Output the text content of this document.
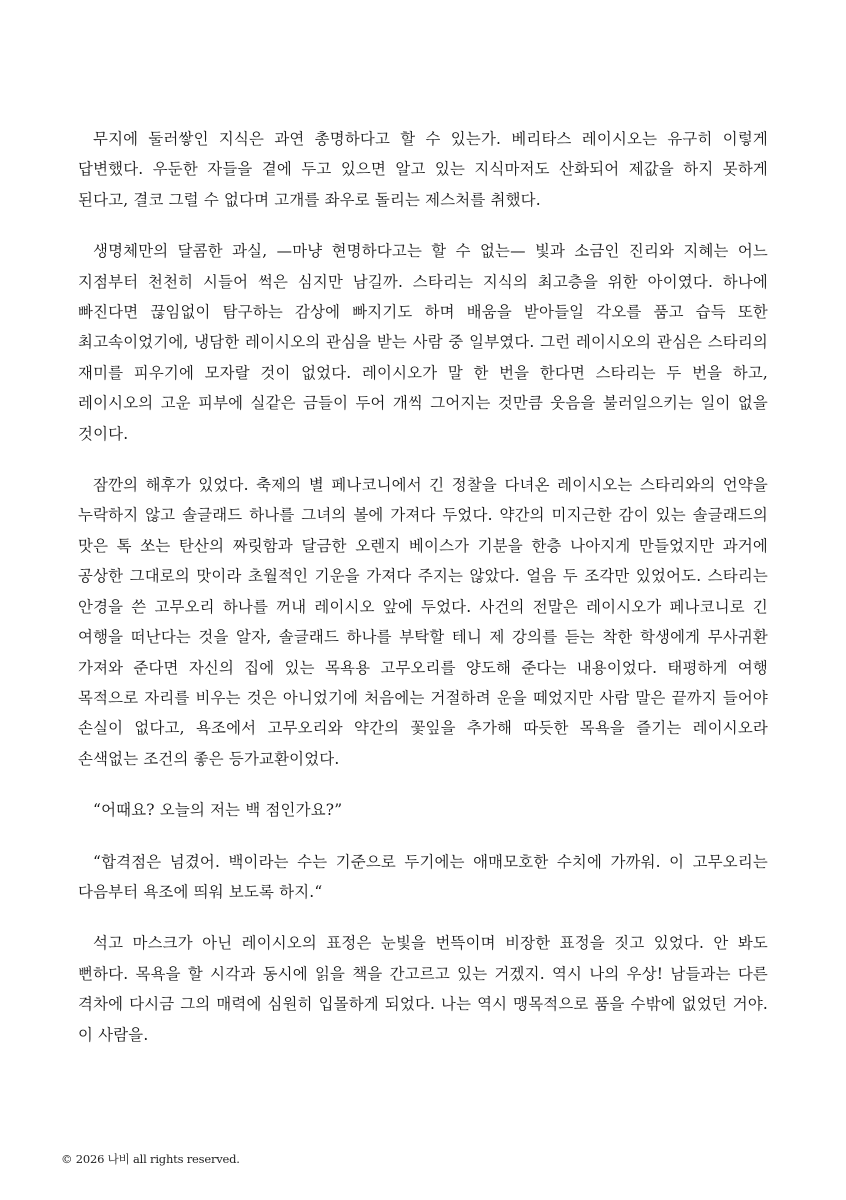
무지에 둘러쌓인 지식은 과연 총명하다고 할 수 있는가. 베리타스 레이시오는 유구히 이렇게 답변했다. 우둔한 자들을 곁에 두고 있으면 알고 있는 지식마저도 산화되어 제값을 하지 못하게 된다고, 결코 그럴 수 없다며 고개를 좌우로 돌리는 제스처를 취했다.

생명체만의 달콤한 과실, —마냥 현명하다고는 할 수 없는— 빛과 소금인 진리와 지혜는 어느 지점부터 천천히 시들어 썩은 심지만 남길까. 스타리는 지식의 최고층을 위한 아이였다. 하나에 빠진다면 끊임없이 탐구하는 감상에 빠지기도 하며 배움을 받아들일 각오를 품고 습득 또한 최고속이었기에, 냉담한 레이시오의 관심을 받는 사람 중 일부였다. 그런 레이시오의 관심은 스타리의 재미를 피우기에 모자랄 것이 없었다. 레이시오가 말 한 번을 한다면 스타리는 두 번을 하고, 레이시오의 고운 피부에 실같은 금들이 두어 개씩 그어지는 것만큼 웃음을 불러일으키는 일이 없을 것이다.

잠깐의 해후가 있었다. 축제의 별 페나코니에서 긴 정찰을 다녀온 레이시오는 스타리와의 언약을 누락하지 않고 솔글래드 하나를 그녀의 볼에 가져다 두었다. 약간의 미지근한 감이 있는 솔글래드의 맛은 톡 쏘는 탄산의 짜릿함과 달금한 오렌지 베이스가 기분을 한층 나아지게 만들었지만 과거에 공상한 그대로의 맛이라 초월적인 기운을 가져다 주지는 않았다. 얼음 두 조각만 있었어도. 스타리는 안경을 쓴 고무오리 하나를 꺼내 레이시오 앞에 두었다. 사건의 전말은 레이시오가 페나코니로 긴 여행을 떠난다는 것을 알자, 솔글래드 하나를 부탁할 테니 제 강의를 듣는 착한 학생에게 무사귀환 가져와 준다면 자신의 집에 있는 목욕용 고무오리를 양도해 준다는 내용이었다. 태평하게 여행 목적으로 자리를 비우는 것은 아니었기에 처음에는 거절하려 운을 떼었지만 사람 말은 끝까지 들어야 손실이 없다고, 욕조에서 고무오리와 약간의 꽃잎을 추가해 따듯한 목욕을 즐기는 레이시오라 손색없는 조건의 좋은 등가교환이었다.

“어때요? 오늘의 저는 백 점인가요?”

“합격점은 넘겼어. 백이라는 수는 기준으로 두기에는 애매모호한 수치에 가까워. 이 고무오리는 다음부터 욕조에 띄워 보도록 하지.“

석고 마스크가 아닌 레이시오의 표정은 눈빛을 번뜩이며 비장한 표정을 짓고 있었다. 안 봐도 뻔하다. 목욕을 할 시각과 동시에 읽을 책을 간고르고 있는 거겠지. 역시 나의 우상! 남들과는 다른 격차에 다시금 그의 매력에 심원히 입몰하게 되었다. 나는 역시 맹목적으로 품을 수밖에 없었던 거야. 이 사람을.

© 2026 나비 all rights reserved.
